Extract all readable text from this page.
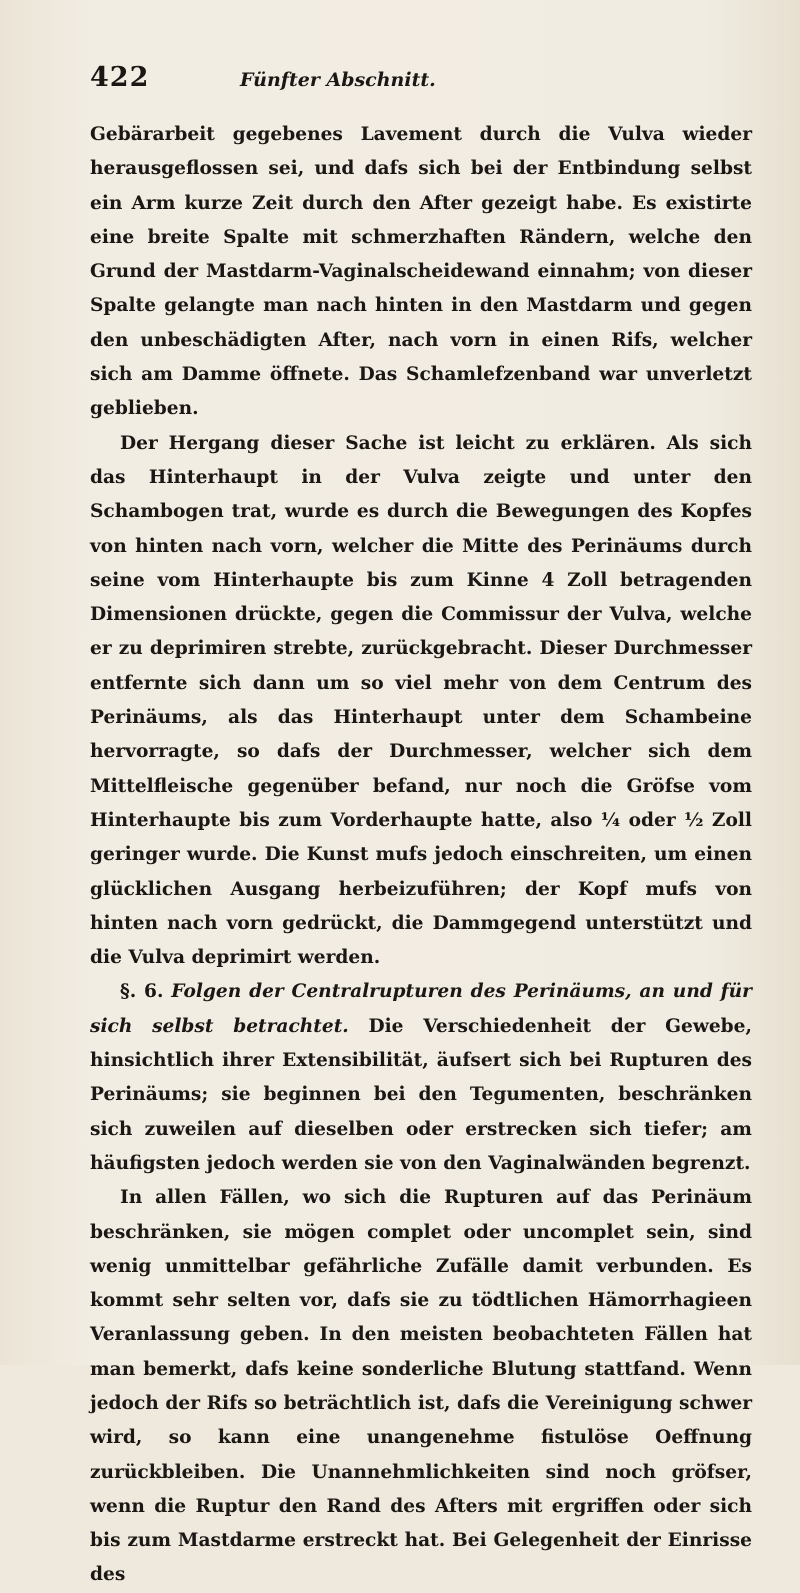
422	Fünfter Abschnitt.

Gebärarbeit gegebenes Lavement durch die Vulva wieder herausgeflossen sei, und dafs sich bei der Entbindung selbst ein Arm kurze Zeit durch den After gezeigt habe. Es existirte eine breite Spalte mit schmerzhaften Rändern, welche den Grund der Mastdarm-Vaginalscheidewand einnahm; von dieser Spalte gelangte man nach hinten in den Mastdarm und gegen den unbeschädigten After, nach vorn in einen Rifs, welcher sich am Damme öffnete. Das Schamlefzenband war unverletzt geblieben.

Der Hergang dieser Sache ist leicht zu erklären. Als sich das Hinterhaupt in der Vulva zeigte und unter den Schambogen trat, wurde es durch die Bewegungen des Kopfes von hinten nach vorn, welcher die Mitte des Perinäums durch seine vom Hinterhaupte bis zum Kinne 4 Zoll betragenden Dimensionen drückte, gegen die Commissur der Vulva, welche er zu deprimiren strebte, zurückgebracht. Dieser Durchmesser entfernte sich dann um so viel mehr von dem Centrum des Perinäums, als das Hinterhaupt unter dem Schambeine hervorragte, so dafs der Durchmesser, welcher sich dem Mittelfleische gegenüber befand, nur noch die Gröfse vom Hinterhaupte bis zum Vorderhaupte hatte, also ¼ oder ½ Zoll geringer wurde. Die Kunst mufs jedoch einschreiten, um einen glücklichen Ausgang herbeizuführen; der Kopf mufs von hinten nach vorn gedrückt, die Dammgegend unterstützt und die Vulva deprimirt werden.

§. 6. Folgen der Centralrupturen des Perinäums, an und für sich selbst betrachtet. Die Verschiedenheit der Gewebe, hinsichtlich ihrer Extensibilität, äufsert sich bei Rupturen des Perinäums; sie beginnen bei den Tegumenten, beschränken sich zuweilen auf dieselben oder erstrecken sich tiefer; am häufigsten jedoch werden sie von den Vaginalwänden begrenzt.

In allen Fällen, wo sich die Rupturen auf das Perinäum beschränken, sie mögen complet oder uncomplet sein, sind wenig unmittelbar gefährliche Zufälle damit verbunden. Es kommt sehr selten vor, dafs sie zu tödtlichen Hämorrhagieen Veranlassung geben. In den meisten beobachteten Fällen hat man bemerkt, dafs keine sonderliche Blutung stattfand. Wenn jedoch der Rifs so beträchtlich ist, dafs die Vereinigung schwer wird, so kann eine unangenehme fistulöse Oeffnung zurückbleiben. Die Unannehmlichkeiten sind noch gröfser, wenn die Ruptur den Rand des Afters mit ergriffen oder sich bis zum Mastdarme erstreckt hat. Bei Gelegenheit der Einrisse des
